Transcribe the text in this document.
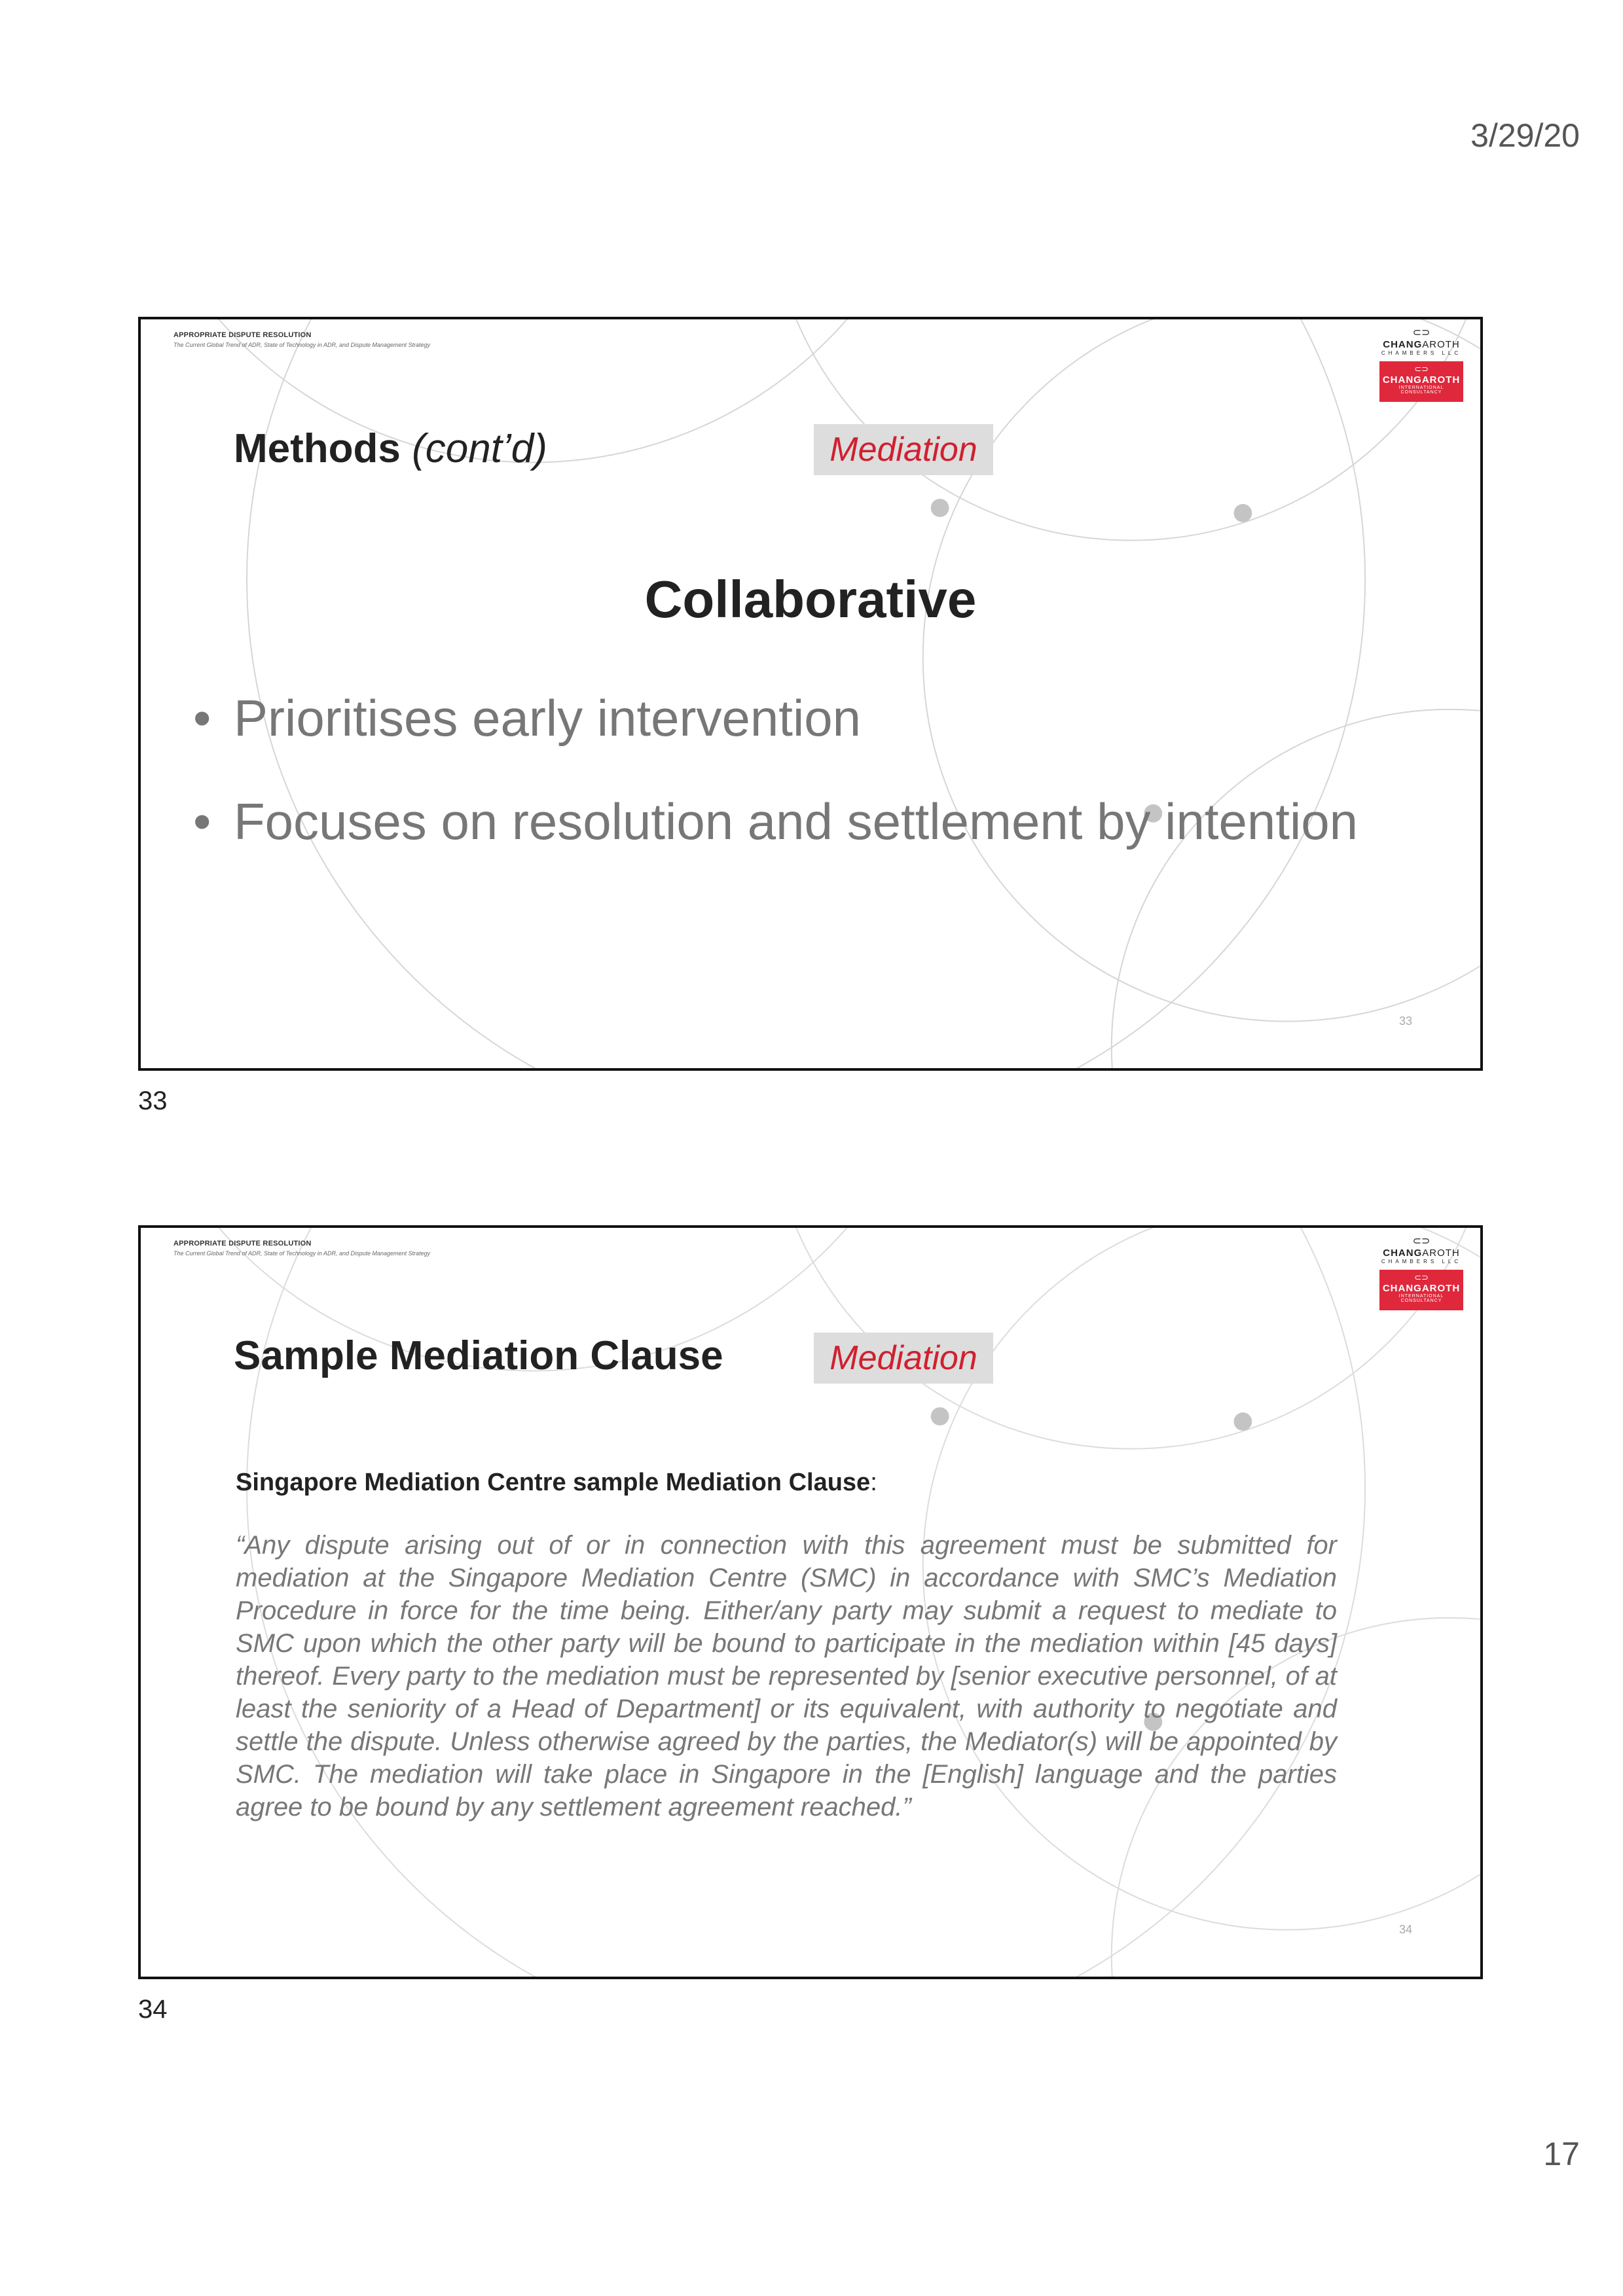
3/29/20
APPROPRIATE DISPUTE RESOLUTION
The Current Global Trend of ADR, State of Technology in ADR, and Dispute Management Strategy
⊂⊃
CHANGAROTH
CHAMBERS LLC
⊂⊃
CHANGAROTH
INTERNATIONAL CONSULTANCY
Methods (cont’d)	Mediation
Collaborative
• Prioritises early intervention
• Focuses on resolution and settlement by intention
33
33
APPROPRIATE DISPUTE RESOLUTION
The Current Global Trend of ADR, State of Technology in ADR, and Dispute Management Strategy
⊂⊃
CHANGAROTH
CHAMBERS LLC
⊂⊃
CHANGAROTH
INTERNATIONAL CONSULTANCY
Sample Mediation Clause	Mediation
Singapore Mediation Centre sample Mediation Clause:
“Any dispute arising out of or in connection with this agreement must be submitted for mediation at the Singapore Mediation Centre (SMC) in accordance with SMC’s Mediation Procedure in force for the time being. Either/any party may submit a request to mediate to SMC upon which the other party will be bound to participate in the mediation within [45 days] thereof. Every party to the mediation must be represented by [senior executive personnel, of at least the seniority of a Head of Department] or its equivalent, with authority to negotiate and settle the dispute. Unless otherwise agreed by the parties, the Mediator(s) will be appointed by SMC. The mediation will take place in Singapore in the [English] language and the parties agree to be bound by any settlement agreement reached.”
34
34
17
